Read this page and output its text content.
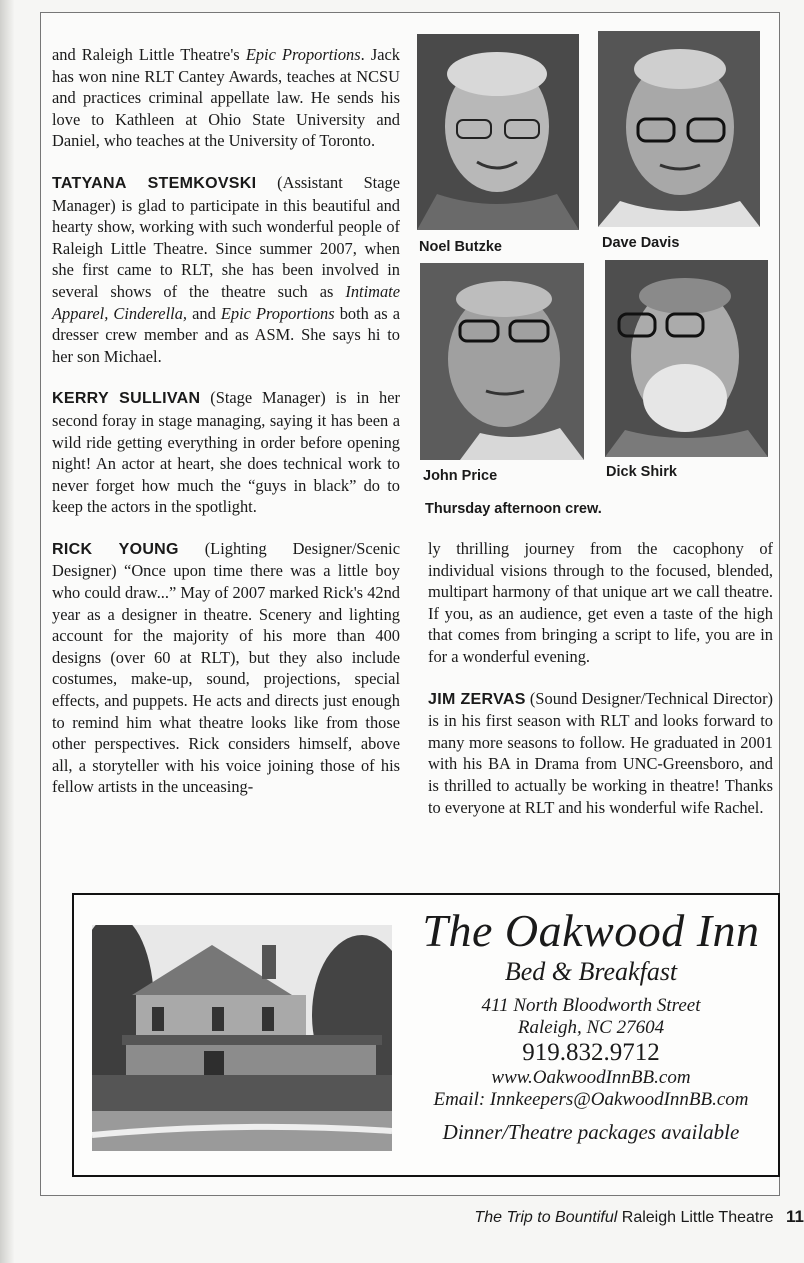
and Raleigh Little Theatre's Epic Proportions. Jack has won nine RLT Cantey Awards, teaches at NCSU and practices criminal appellate law. He sends his love to Kathleen at Ohio State University and Daniel, who teaches at the University of Toronto.

TATYANA STEMKOVSKI (Assistant Stage Manager) is glad to participate in this beautiful and hearty show, working with such wonderful people of Raleigh Little Theatre. Since summer 2007, when she first came to RLT, she has been involved in several shows of the theatre such as Intimate Apparel, Cinderella, and Epic Proportions both as a dresser crew member and as ASM. She says hi to her son Michael.

KERRY SULLIVAN (Stage Manager) is in her second foray in stage managing, saying it has been a wild ride getting everything in order before opening night! An actor at heart, she does technical work to never forget how much the “guys in black” do to keep the actors in the spotlight.

RICK YOUNG (Lighting Designer/Scenic Designer) “Once upon time there was a little boy who could draw...” May of 2007 marked Rick's 42nd year as a designer in theatre. Scenery and lighting account for the majority of his more than 400 designs (over 60 at RLT), but they also include costumes, make-up, sound, projections, special effects, and puppets. He acts and directs just enough to remind him what theatre looks like from those other perspectives. Rick considers himself, above all, a storyteller with his voice joining those of his fellow artists in the unceasing-

Noel Butzke	Dave Davis
John Price	Dick Shirk
Thursday afternoon crew.

ly thrilling journey from the cacophony of individual visions through to the focused, blended, multipart harmony of that unique art we call theatre. If you, as an audience, get even a taste of the high that comes from bringing a script to life, you are in for a wonderful evening.

JIM ZERVAS (Sound Designer/Technical Director) is in his first season with RLT and looks forward to many more seasons to follow. He graduated in 2001 with his BA in Drama from UNC-Greensboro, and is thrilled to actually be working in theatre! Thanks to everyone at RLT and his wonderful wife Rachel.

The Oakwood Inn
Bed & Breakfast
411 North Bloodworth Street
Raleigh, NC 27604
919.832.9712
www.OakwoodInnBB.com
Email: Innkeepers@OakwoodInnBB.com
Dinner/Theatre packages available
The Trip to Bountiful Raleigh Little Theatre 11
